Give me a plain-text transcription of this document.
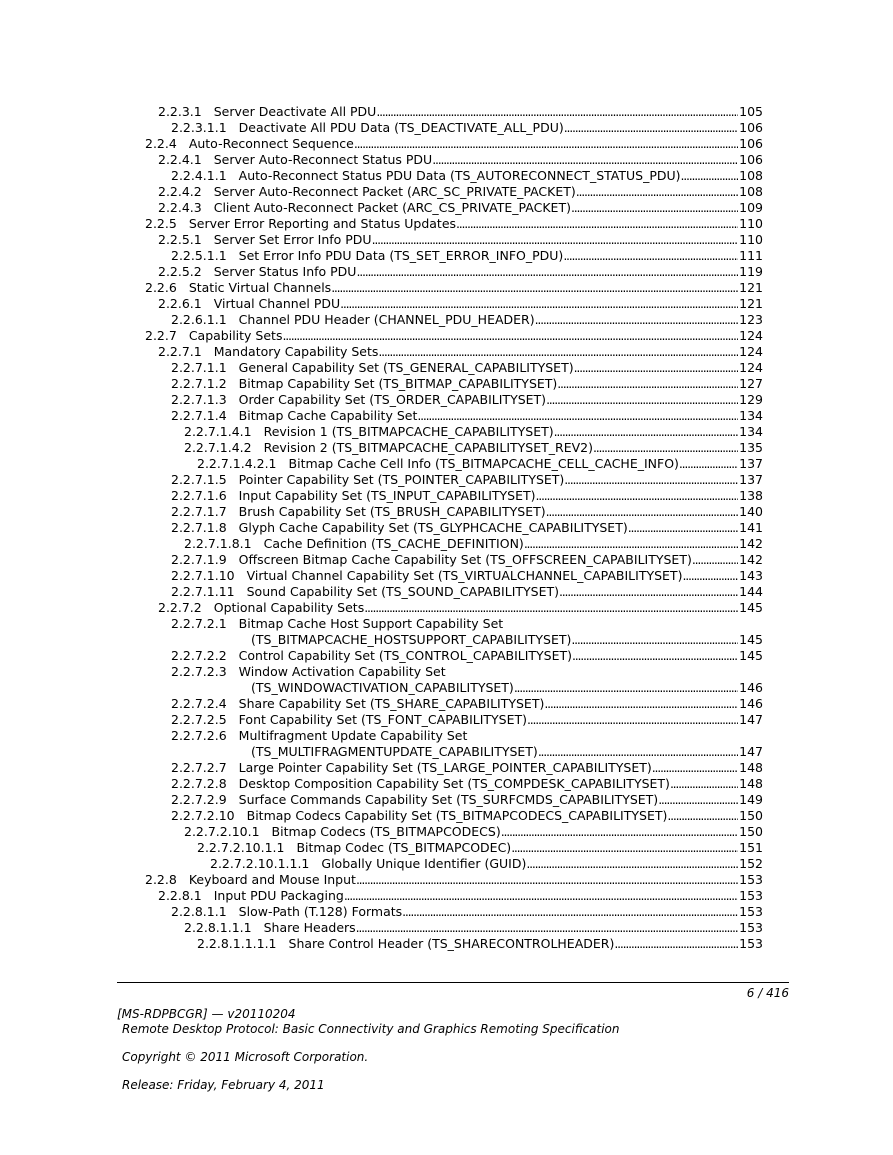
2.2.3.1 Server Deactivate All PDU . . .	105
2.2.3.1.1 Deactivate All PDU Data (TS_DEACTIVATE_ALL_PDU) . . .	106
2.2.4 Auto-Reconnect Sequence . . .	106
2.2.4.1 Server Auto-Reconnect Status PDU . . .	106
2.2.4.1.1 Auto-Reconnect Status PDU Data (TS_AUTORECONNECT_STATUS_PDU) . . .	108
2.2.4.2 Server Auto-Reconnect Packet (ARC_SC_PRIVATE_PACKET) . . .	108
2.2.4.3 Client Auto-Reconnect Packet (ARC_CS_PRIVATE_PACKET) . . .	109
2.2.5 Server Error Reporting and Status Updates . . .	110
2.2.5.1 Server Set Error Info PDU . . .	110
2.2.5.1.1 Set Error Info PDU Data (TS_SET_ERROR_INFO_PDU) . . .	111
2.2.5.2 Server Status Info PDU . . .	119
2.2.6 Static Virtual Channels . . .	121
2.2.6.1 Virtual Channel PDU . . .	121
2.2.6.1.1 Channel PDU Header (CHANNEL_PDU_HEADER) . . .	123
2.2.7 Capability Sets . . .	124
2.2.7.1 Mandatory Capability Sets . . .	124
2.2.7.1.1 General Capability Set (TS_GENERAL_CAPABILITYSET) . . .	124
2.2.7.1.2 Bitmap Capability Set (TS_BITMAP_CAPABILITYSET) . . .	127
2.2.7.1.3 Order Capability Set (TS_ORDER_CAPABILITYSET) . . .	129
2.2.7.1.4 Bitmap Cache Capability Set . . .	134
2.2.7.1.4.1 Revision 1 (TS_BITMAPCACHE_CAPABILITYSET) . . .	134
2.2.7.1.4.2 Revision 2 (TS_BITMAPCACHE_CAPABILITYSET_REV2) . . .	135
2.2.7.1.4.2.1 Bitmap Cache Cell Info (TS_BITMAPCACHE_CELL_CACHE_INFO) . . .	137
2.2.7.1.5 Pointer Capability Set (TS_POINTER_CAPABILITYSET) . . .	137
2.2.7.1.6 Input Capability Set (TS_INPUT_CAPABILITYSET) . . .	138
2.2.7.1.7 Brush Capability Set (TS_BRUSH_CAPABILITYSET) . . .	140
2.2.7.1.8 Glyph Cache Capability Set (TS_GLYPHCACHE_CAPABILITYSET) . . .	141
2.2.7.1.8.1 Cache Definition (TS_CACHE_DEFINITION) . . .	142
2.2.7.1.9 Offscreen Bitmap Cache Capability Set (TS_OFFSCREEN_CAPABILITYSET) . . .	142
2.2.7.1.10 Virtual Channel Capability Set (TS_VIRTUALCHANNEL_CAPABILITYSET) . . .	143
2.2.7.1.11 Sound Capability Set (TS_SOUND_CAPABILITYSET) . . .	144
2.2.7.2 Optional Capability Sets . . .	145
2.2.7.2.1 Bitmap Cache Host Support Capability Set
(TS_BITMAPCACHE_HOSTSUPPORT_CAPABILITYSET) . . .	145
2.2.7.2.2 Control Capability Set (TS_CONTROL_CAPABILITYSET) . . .	145
2.2.7.2.3 Window Activation Capability Set
(TS_WINDOWACTIVATION_CAPABILITYSET) . . .	146
2.2.7.2.4 Share Capability Set (TS_SHARE_CAPABILITYSET) . . .	146
2.2.7.2.5 Font Capability Set (TS_FONT_CAPABILITYSET) . . .	147
2.2.7.2.6 Multifragment Update Capability Set
(TS_MULTIFRAGMENTUPDATE_CAPABILITYSET) . . .	147
2.2.7.2.7 Large Pointer Capability Set (TS_LARGE_POINTER_CAPABILITYSET) . . .	148
2.2.7.2.8 Desktop Composition Capability Set (TS_COMPDESK_CAPABILITYSET) . . .	148
2.2.7.2.9 Surface Commands Capability Set (TS_SURFCMDS_CAPABILITYSET) . . .	149
2.2.7.2.10 Bitmap Codecs Capability Set (TS_BITMAPCODECS_CAPABILITYSET) . . .	150
2.2.7.2.10.1 Bitmap Codecs (TS_BITMAPCODECS) . . .	150
2.2.7.2.10.1.1 Bitmap Codec (TS_BITMAPCODEC) . . .	151
2.2.7.2.10.1.1.1 Globally Unique Identifier (GUID) . . .	152
2.2.8 Keyboard and Mouse Input . . .	153
2.2.8.1 Input PDU Packaging . . .	153
2.2.8.1.1 Slow-Path (T.128) Formats . . .	153
2.2.8.1.1.1 Share Headers . . .	153
2.2.8.1.1.1.1 Share Control Header (TS_SHARECONTROLHEADER) . . .	153
6 / 416
[MS-RDPBCGR] — v20110204
Remote Desktop Protocol: Basic Connectivity and Graphics Remoting Specification
Copyright © 2011 Microsoft Corporation.
Release: Friday, February 4, 2011
